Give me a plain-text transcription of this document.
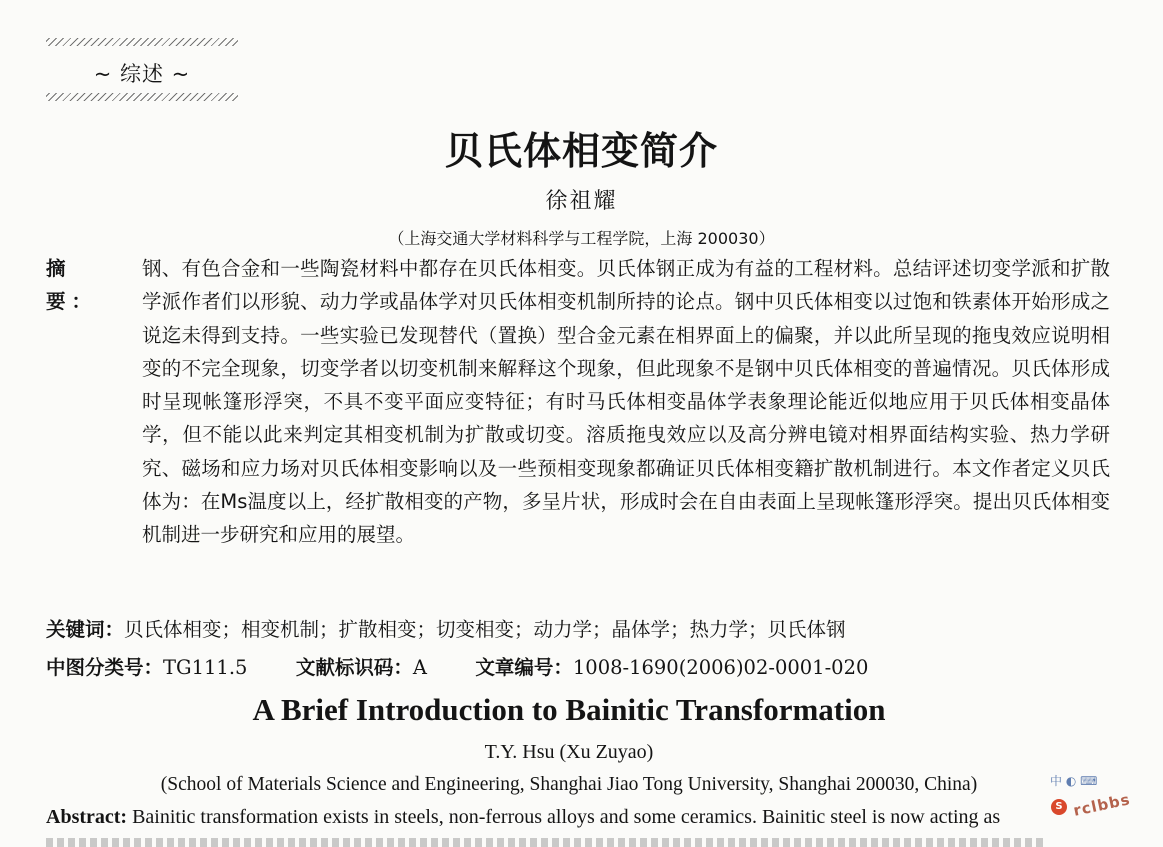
~ 综述 ~
贝氏体相变简介
徐祖耀
（上海交通大学材料科学与工程学院，上海 200030）
摘　要：
钢、有色合金和一些陶瓷材料中都存在贝氏体相变。贝氏体钢正成为有益的工程材料。总结评述切变学派和扩散学派作者们以形貌、动力学或晶体学对贝氏体相变机制所持的论点。钢中贝氏体相变以过饱和铁素体开始形成之说迄未得到支持。一些实验已发现替代（置换）型合金元素在相界面上的偏聚，并以此所呈现的拖曳效应说明相变的不完全现象，切变学者以切变机制来解释这个现象，但此现象不是钢中贝氏体相变的普遍情况。贝氏体形成时呈现帐篷形浮突，不具不变平面应变特征；有时马氏体相变晶体学表象理论能近似地应用于贝氏体相变晶体学，但不能以此来判定其相变机制为扩散或切变。溶质拖曳效应以及高分辨电镜对相界面结构实验、热力学研究、磁场和应力场对贝氏体相变影响以及一些预相变现象都确证贝氏体相变籍扩散机制进行。本文作者定义贝氏体为：在Ms温度以上，经扩散相变的产物，多呈片状，形成时会在自由表面上呈现帐篷形浮突。提出贝氏体相变机制进一步研究和应用的展望。
关键词：贝氏体相变；相变机制；扩散相变；切变相变；动力学；晶体学；热力学；贝氏体钢
中图分类号：TG111.5 文献标识码：A 文章编号：1008-1690(2006)02-0001-020
A Brief Introduction to Bainitic Transformation
T.Y. Hsu (Xu Zuyao)
(School of Materials Science and Engineering, Shanghai Jiao Tong University, Shanghai 200030, China)
Abstract: Bainitic transformation exists in steels, non-ferrous alloys and some ceramics. Bainitic steel is now acting as
中 ◐ ⌨
S rclbbs
